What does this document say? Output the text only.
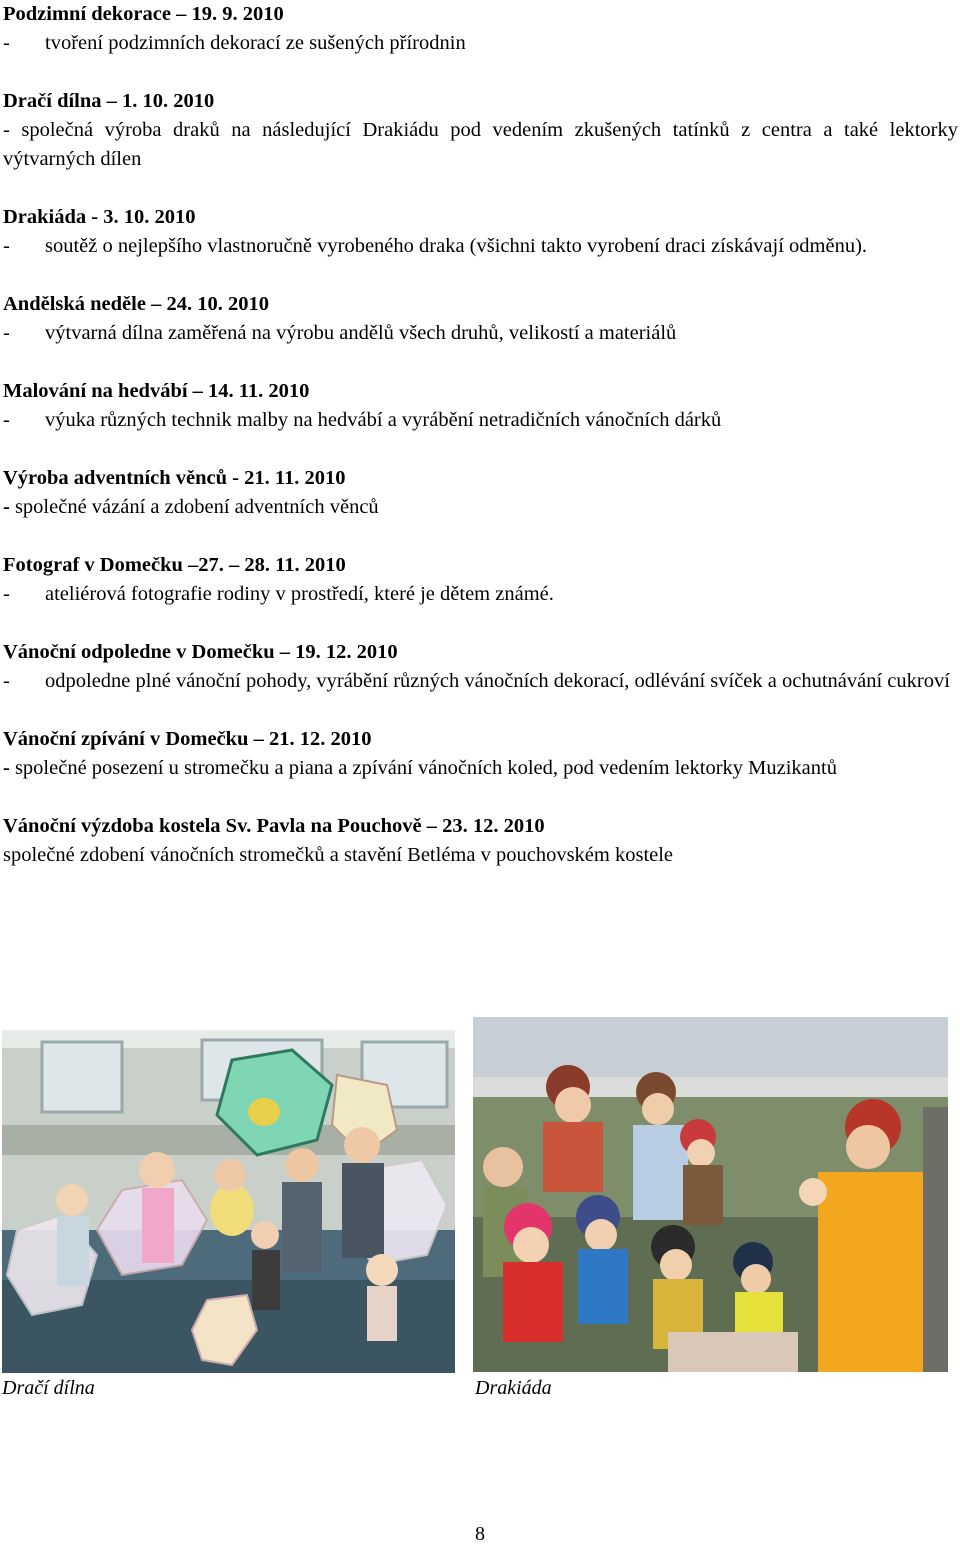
Podzimní dekorace – 19. 9. 2010
-	tvoření podzimních dekorací ze sušených přírodnin
Dračí dílna – 1. 10. 2010
- společná výroba draků na následující Drakiádu pod vedením zkušených tatínků z centra a také lektorky výtvarných dílen
Drakiáda - 3. 10. 2010
-	soutěž o nejlepšího vlastnoručně vyrobeného draka (všichni takto vyrobení draci získávají odměnu).
Andělská neděle – 24. 10. 2010
-	výtvarná dílna zaměřená na výrobu andělů všech druhů, velikostí a materiálů
Malování na hedvábí – 14. 11. 2010
-	výuka různých technik malby na hedvábí a vyrábění netradičních vánočních dárků
Výroba adventních věnců - 21. 11. 2010
- společné vázání a zdobení adventních věnců
Fotograf v Domečku –27. – 28. 11. 2010
-	ateliérová fotografie rodiny v prostředí, které je dětem známé.
Vánoční odpoledne v Domečku – 19. 12. 2010
-	odpoledne plné vánoční pohody, vyrábění různých vánočních dekorací, odlévání svíček a ochutnávání cukroví
Vánoční zpívání v Domečku – 21. 12. 2010
- společné posezení u stromečku a piana a zpívání vánočních koled, pod vedením lektorky Muzikantů
Vánoční výzdoba kostela Sv. Pavla na Pouchově – 23. 12. 2010
společné zdobení vánočních stromečků a stavění Betléma v pouchovském kostele
Dračí dílna	Drakiáda
8
